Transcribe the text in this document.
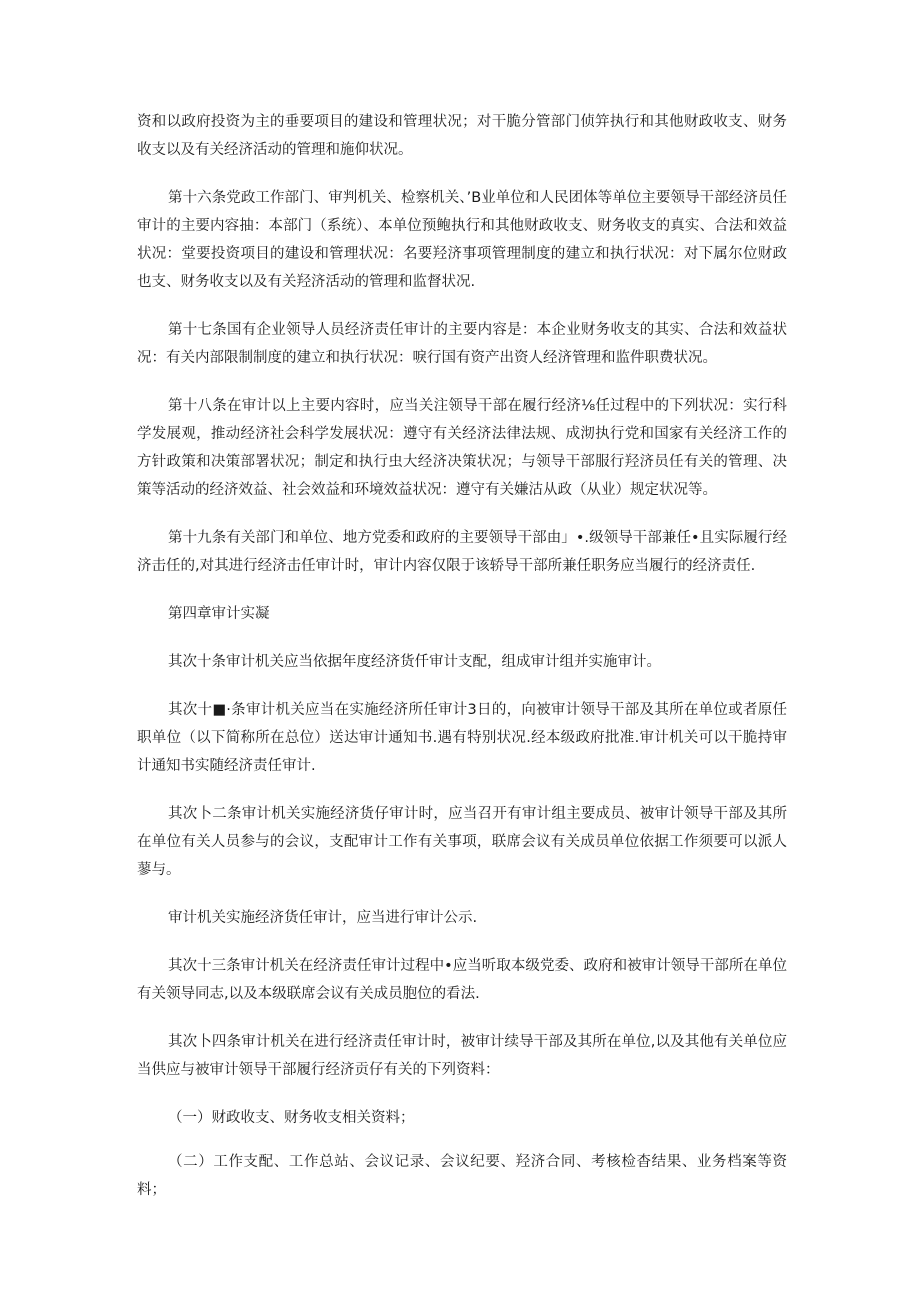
资和以政府投资为主的垂要项目的建设和管理状况；对干脆分管部门侦笄执行和其他财政收支、财务收支以及有关经济活动的管理和施仰状况。

第十六条党政工作部门、审判机关、检察机关、’B业单位和人民团体等单位主要领导干部经济员任审计的主要内容抽：本部门（系统）、本单位预鲍执行和其他财政收支、财务收支的真实、合法和效益状况：堂要投资项目的建设和管理状况：名要羟济事项管理制度的建立和执行状况：对下属尔位财政也支、财务收支以及有关羟济活动的管理和监督状况.

第十七条国有企业领导人员经济责任审计的主要内容是：本企业财务收支的其实、合法和效益状况：有关内部限制制度的建立和执行状况：唳行国有资产出资人经济管理和监件职费状况。

第十八条在审计以上主要内容时，应当关注领导干部在履行经济⅛任过程中的下列状况：实行科学发展观，推动经济社会科学发展状况：遵守有关经济法律法规、成沏执行党和国家有关经济工作的方针政策和决策部署状况；制定和执行虫大经济决策状况；与领导干部服行羟济员任有关的管理、决策等活动的经济效益、社会效益和环境效益状况：遵守有关嫌沽从政（从业）规定状况等。

第十九条有关部门和单位、地方党委和政府的主要领导干部由」•.级领导干部兼任•且实际履行经济击任的,对其进行经济击任审计时，审计内容仅限于该轿导干部所兼任职务应当履行的经济责任.

第四章审计实凝

其次十条审计机关应当依据年度经济货仟审计支配，组成审计组并实施审计。

其次十■·条审计机关应当在实施经济所任审计3日的，向被审计领导干部及其所在单位或者原任职单位（以下简称所在总位）送达审计通知书.遇有特别状况.经本级政府批准.审计机关可以干脆持审计通知书实随经济责任审计.

其次卜二条审计机关实施经济货仔审计时，应当召开有审计组主要成员、被审计领导干部及其所在单位有关人员参与的会议，支配审计工作有关事项，联席会议有关成员单位依据工作须要可以派人蓼与。

审计机关实施经济货任审计，应当进行审计公示.

其次十三条审计机关在经济责任审计过程中•应当听取本级党委、政府和被审计领导干部所在单位有关领导同志,以及本级联席会议有关成员胞位的看法.

其次卜四条审计机关在进行经济责任审计时，被审计续导干部及其所在单位,以及其他有关单位应当供应与被审计领导干部履行经济贡仔有关的下列资料：

（一）财政收支、财务收支相关资料；

（二）工作支配、工作总站、会议记录、会议纪要、羟济合同、考核检杳结果、业务档案等资料；
